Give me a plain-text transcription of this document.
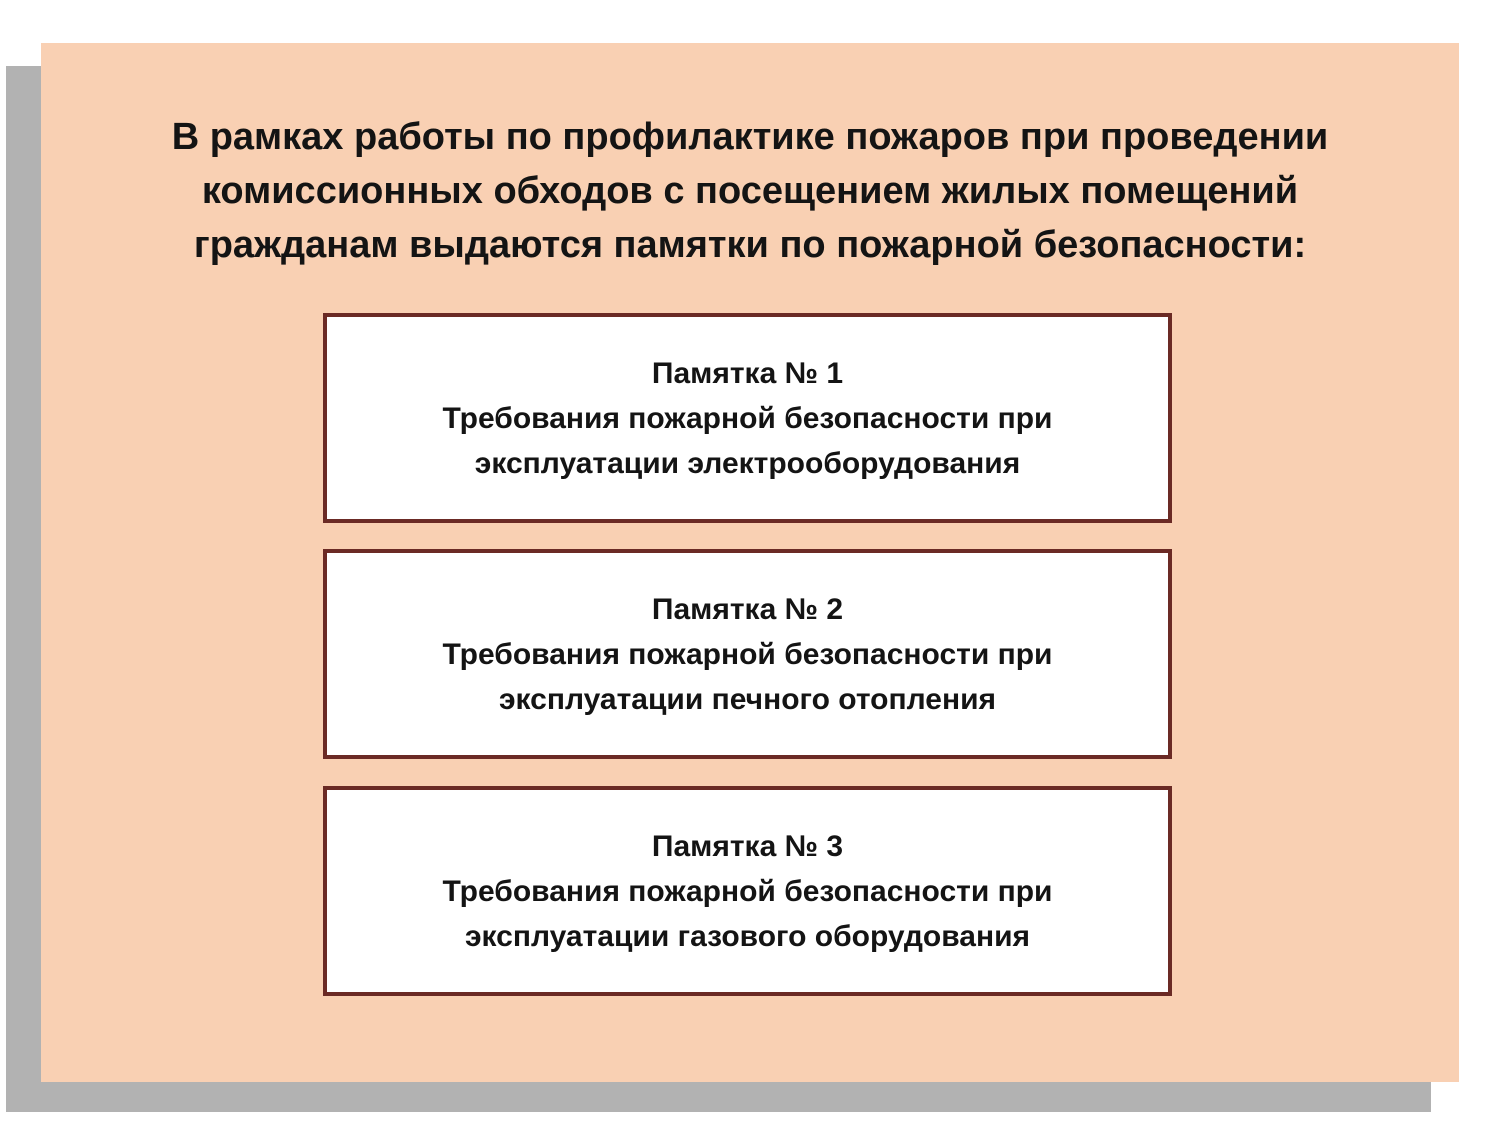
В рамках работы по профилактике пожаров при проведении
комиссионных обходов с посещением жилых помещений
гражданам выдаются памятки по пожарной безопасности:
Памятка № 1
Требования пожарной безопасности при
эксплуатации электрооборудования
Памятка № 2
Требования пожарной безопасности при
эксплуатации печного отопления
Памятка № 3
Требования пожарной безопасности при
эксплуатации газового оборудования
